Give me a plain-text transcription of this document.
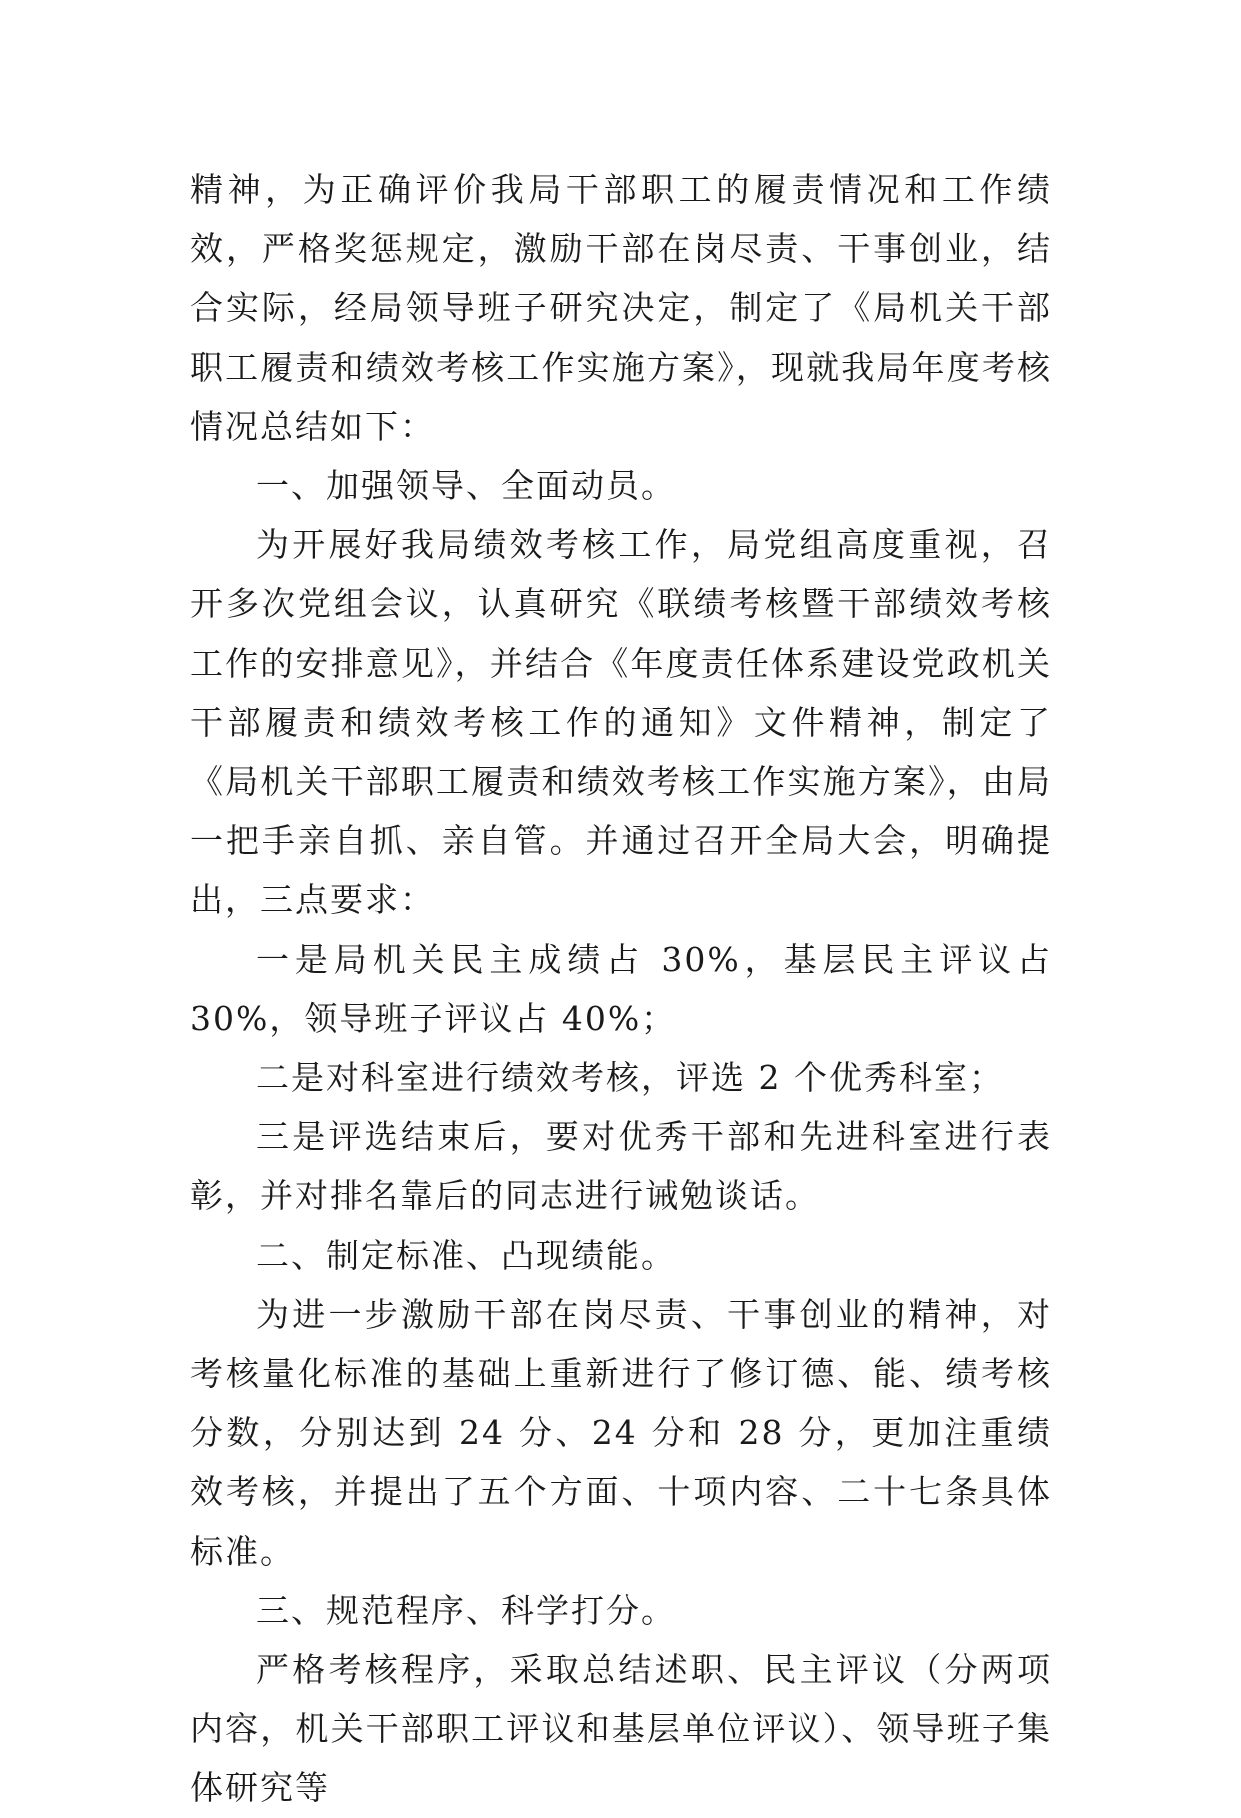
精神，为正确评价我局干部职工的履责情况和工作绩效，严格奖惩规定，激励干部在岗尽责、干事创业，结合实际，经局领导班子研究决定，制定了《局机关干部职工履责和绩效考核工作实施方案》，现就我局年度考核情况总结如下：

一、加强领导、全面动员。

为开展好我局绩效考核工作，局党组高度重视，召开多次党组会议，认真研究《联绩考核暨干部绩效考核工作的安排意见》，并结合《年度责任体系建设党政机关干部履责和绩效考核工作的通知》文件精神，制定了《局机关干部职工履责和绩效考核工作实施方案》，由局一把手亲自抓、亲自管。并通过召开全局大会，明确提出，三点要求：

一是局机关民主成绩占 30%，基层民主评议占 30%，领导班子评议占 40%；

二是对科室进行绩效考核，评选 2 个优秀科室；

三是评选结束后，要对优秀干部和先进科室进行表彰，并对排名靠后的同志进行诫勉谈话。

二、制定标准、凸现绩能。

为进一步激励干部在岗尽责、干事创业的精神，对考核量化标准的基础上重新进行了修订德、能、绩考核分数，分别达到 24 分、24 分和 28 分，更加注重绩效考核，并提出了五个方面、十项内容、二十七条具体标准。

三、规范程序、科学打分。

严格考核程序，采取总结述职、民主评议（分两项内容，机关干部职工评议和基层单位评议）、领导班子集体研究等
